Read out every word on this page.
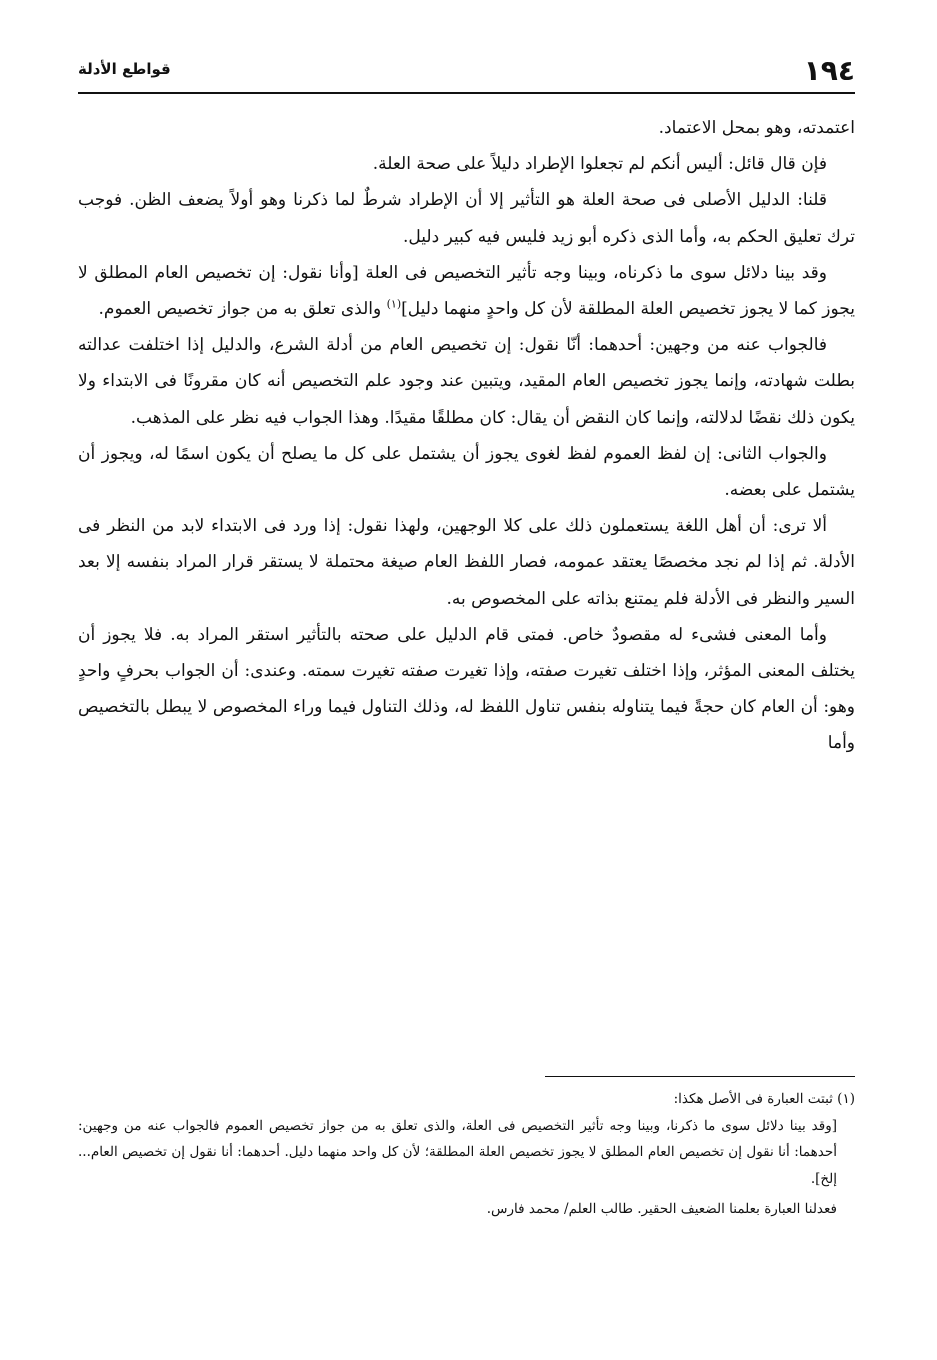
١٩٤
قواطع الأدلة

اعتمدته، وهو بمحل الاعتماد.

فإن قال قائل: أليس أنكم لم تجعلوا الإطراد دليلاً على صحة العلة.

قلنا: الدليل الأصلى فى صحة العلة هو التأثير إلا أن الإطراد شرطٌ لما ذكرنا وهو أولاً يضعف الظن. فوجب ترك تعليق الحكم به، وأما الذى ذكره أبو زيد فليس فيه كبير دليل.

وقد بينا دلائل سوى ما ذكرناه، وبينا وجه تأثير التخصيص فى العلة [وأنا نقول: إن تخصيص العام المطلق لا يجوز كما لا يجوز تخصيص العلة المطلقة لأن كل واحدٍ منهما دليل]$^{(١)}$ والذى تعلق به من جواز تخصيص العموم.

فالجواب عنه من وجهين: أحدهما: أنّا نقول: إن تخصيص العام من أدلة الشرع، والدليل إذا اختلفت عدالته بطلت شهادته، وإنما يجوز تخصيص العام المقيد، ويتبين عند وجود علم التخصيص أنه كان مقرونًا فى الابتداء ولا يكون ذلك نقضًا لدلالته، وإنما كان النقض أن يقال: كان مطلقًا مقيدًا. وهذا الجواب فيه نظر على المذهب.

والجواب الثانى: إن لفظ العموم لفظ لغوى يجوز أن يشتمل على كل ما يصلح أن يكون اسمًا له، ويجوز أن يشتمل على بعضه.

ألا ترى: أن أهل اللغة يستعملون ذلك على كلا الوجهين، ولهذا نقول: إذا ورد فى الابتداء لابد من النظر فى الأدلة. ثم إذا لم نجد مخصصًا يعتقد عمومه، فصار اللفظ العام صيغة محتملة لا يستقر قرار المراد بنفسه إلا بعد السير والنظر فى الأدلة فلم يمتنع بذاته على المخصوص به.

وأما المعنى فشىء له مقصودٌ خاص. فمتى قام الدليل على صحته بالتأثير استقر المراد به. فلا يجوز أن يختلف المعنى المؤثر، وإذا اختلف تغيرت صفته، وإذا تغيرت صفته تغيرت سمته. وعندى: أن الجواب بحرفٍ واحدٍ وهو: أن العام كان حجةً فيما يتناوله بنفس تناول اللفظ له، وذلك التناول فيما وراء المخصوص لا يبطل بالتخصيص وأما

(١) ثبتت العبارة فى الأصل هكذا:

[وقد بينا دلائل سوى ما ذكرنا، وبينا وجه تأثير التخصيص فى العلة، والذى تعلق به من جواز تخصيص العموم فالجواب عنه من وجهين: أحدهما: أنا نقول إن تخصيص العام المطلق لا يجوز تخصيص العلة المطلقة؛ لأن كل واحد منهما دليل. أحدهما: أنا نقول إن تخصيص العام... إلخ].

فعدلنا العبارة بعلمنا الضعيف الحقير. طالب العلم/ محمد فارس.
